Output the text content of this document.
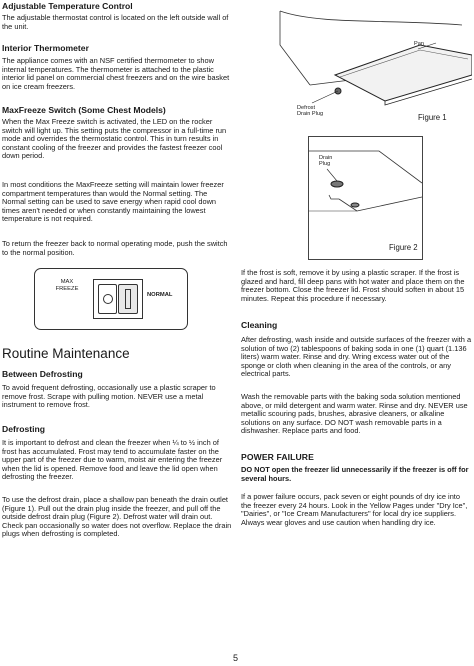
Adjustable Temperature Control
The adjustable thermostat control is located on the left outside wall of the unit.
Interior Thermometer
The appliance comes with an NSF certified thermometer to show internal temperatures. The thermometer is attached to the plastic interior lid panel on commercial chest freezers and on the wire basket on ice cream freezers.
MaxFreeze Switch (Some Chest Models)
When the Max Freeze switch is activated, the LED on the rocker switch will light up. This setting puts the compressor in a full-time run mode and overrides the thermostatic control. This in turn results in constant cooling of the freezer and provides the fastest freezer cool down period.
In most conditions the MaxFreeze setting will maintain lower freezer compartment temperatures than would the Normal setting. The Normal setting can be used to save energy when rapid cool down times aren't needed or when constantly maintaining the lowest temperature is not required.
To return the freezer back to normal operating mode, push the switch to the normal position.
MAX
FREEZE
NORMAL
Routine Maintenance
Between Defrosting
To avoid frequent defrosting, occasionally use a plastic scraper to remove frost. Scrape with pulling motion. NEVER use a metal instrument to remove frost.
Defrosting
It is important to defrost and clean the freezer when ¼ to ½ inch of frost has accumulated. Frost may tend to accumulate faster on the upper part of the freezer due to warm, moist air entering the freezer when the lid is opened. Remove food and leave the lid open when defrosting the freezer.
To use the defrost drain, place a shallow pan beneath the drain outlet (Figure 1). Pull out the drain plug inside the freezer, and pull off the outside defrost drain plug (Figure 2). Defrost water will drain out. Check pan occasionally so water does not overflow. Replace the drain plugs when defrosting is completed.
Pan
Defrost
Drain Plug	Figure 1
Drain
Plug
Figure 2
If the frost is soft, remove it by using a plastic scraper. If the frost is glazed and hard, fill deep pans with hot water and place them on the freezer bottom. Close the freezer lid. Frost should soften in about 15 minutes. Repeat this procedure if necessary.
Cleaning
After defrosting, wash inside and outside surfaces of the freezer with a solution of two (2) tablespoons of baking soda in one (1) quart (1.136 liters) warm water. Rinse and dry. Wring excess water out of the sponge or cloth when cleaning in the area of the controls, or any electrical parts.
Wash the removable parts with the baking soda solution mentioned above, or mild detergent and warm water. Rinse and dry. NEVER use metallic scouring pads, brushes, abrasive cleaners, or alkaline solutions on any surface. DO NOT wash removable parts in a dishwasher. Replace parts and food.
POWER FAILURE
DO NOT open the freezer lid unnecessarily if the freezer is off for several hours.
If a power failure occurs, pack seven or eight pounds of dry ice into the freezer every 24 hours. Look in the Yellow Pages under "Dry Ice", "Dairies", or "Ice Cream Manufacturers" for local dry ice suppliers. Always wear gloves and use caution when handling dry ice.
5
